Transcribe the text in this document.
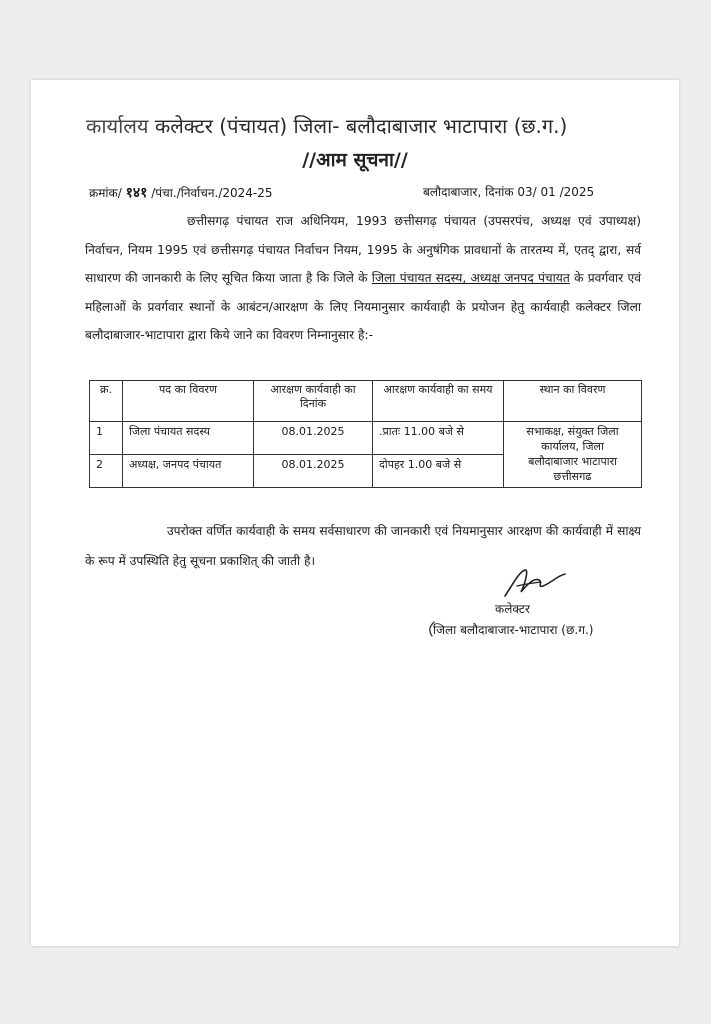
कार्यालय कलेक्टर (पंचायत) जिला- बलौदाबाजार भाटापारा (छ.ग.)
//आम सूचना//
क्रमांक/ १४१ /पंचा./निर्वाचन./2024-25	बलौदाबाजार, दिनांक 03/ 01 /2025
छत्तीसगढ़ पंचायत राज अधिनियम, 1993 छत्तीसगढ़ पंचायत (उपसरपंच, अध्यक्ष एवं उपाध्यक्ष) निर्वाचन, नियम 1995 एवं छत्तीसगढ़ पंचायत निर्वाचन नियम, 1995 के अनुषंगिक प्रावधानों के तारतम्य में, एतद् द्वारा, सर्व साधारण की जानकारी के लिए सूचित किया जाता है कि जिले के जिला पंचायत सदस्य, अध्यक्ष जनपद पंचायत के प्रवर्गवार एवं महिलाओं के प्रवर्गवार स्थानों के आबंटन/आरक्षण के लिए नियमानुसार कार्यवाही के प्रयोजन हेतु कार्यवाही कलेक्टर जिला बलौदाबाजार-भाटापारा द्वारा किये जाने का विवरण निम्नानुसार है:-
क्र.	पद का विवरण	आरक्षण कार्यवाही का दिनांक	आरक्षण कार्यवाही का समय	स्थान का विवरण
1	जिला पंचायत सदस्य	08.01.2025	.प्रातः 11.00 बजे से	सभाकक्ष, संयुक्त जिला
कार्यालय, जिला
बलौदाबाजार भाटापारा
छत्तीसगढ

2	अध्यक्ष, जनपद पंचायत	08.01.2025	दोपहर 1.00 बजे से	
उपरोक्त वर्णित कार्यवाही के समय सर्वसाधारण की जानकारी एवं नियमानुसार आरक्षण की कार्यवाही में साक्ष्य के रूप में उपस्थिति हेतु सूचना प्रकाशित् की जाती है।
कलेक्टर
जिला बलौदाबाजार-भाटापारा (छ.ग.)
